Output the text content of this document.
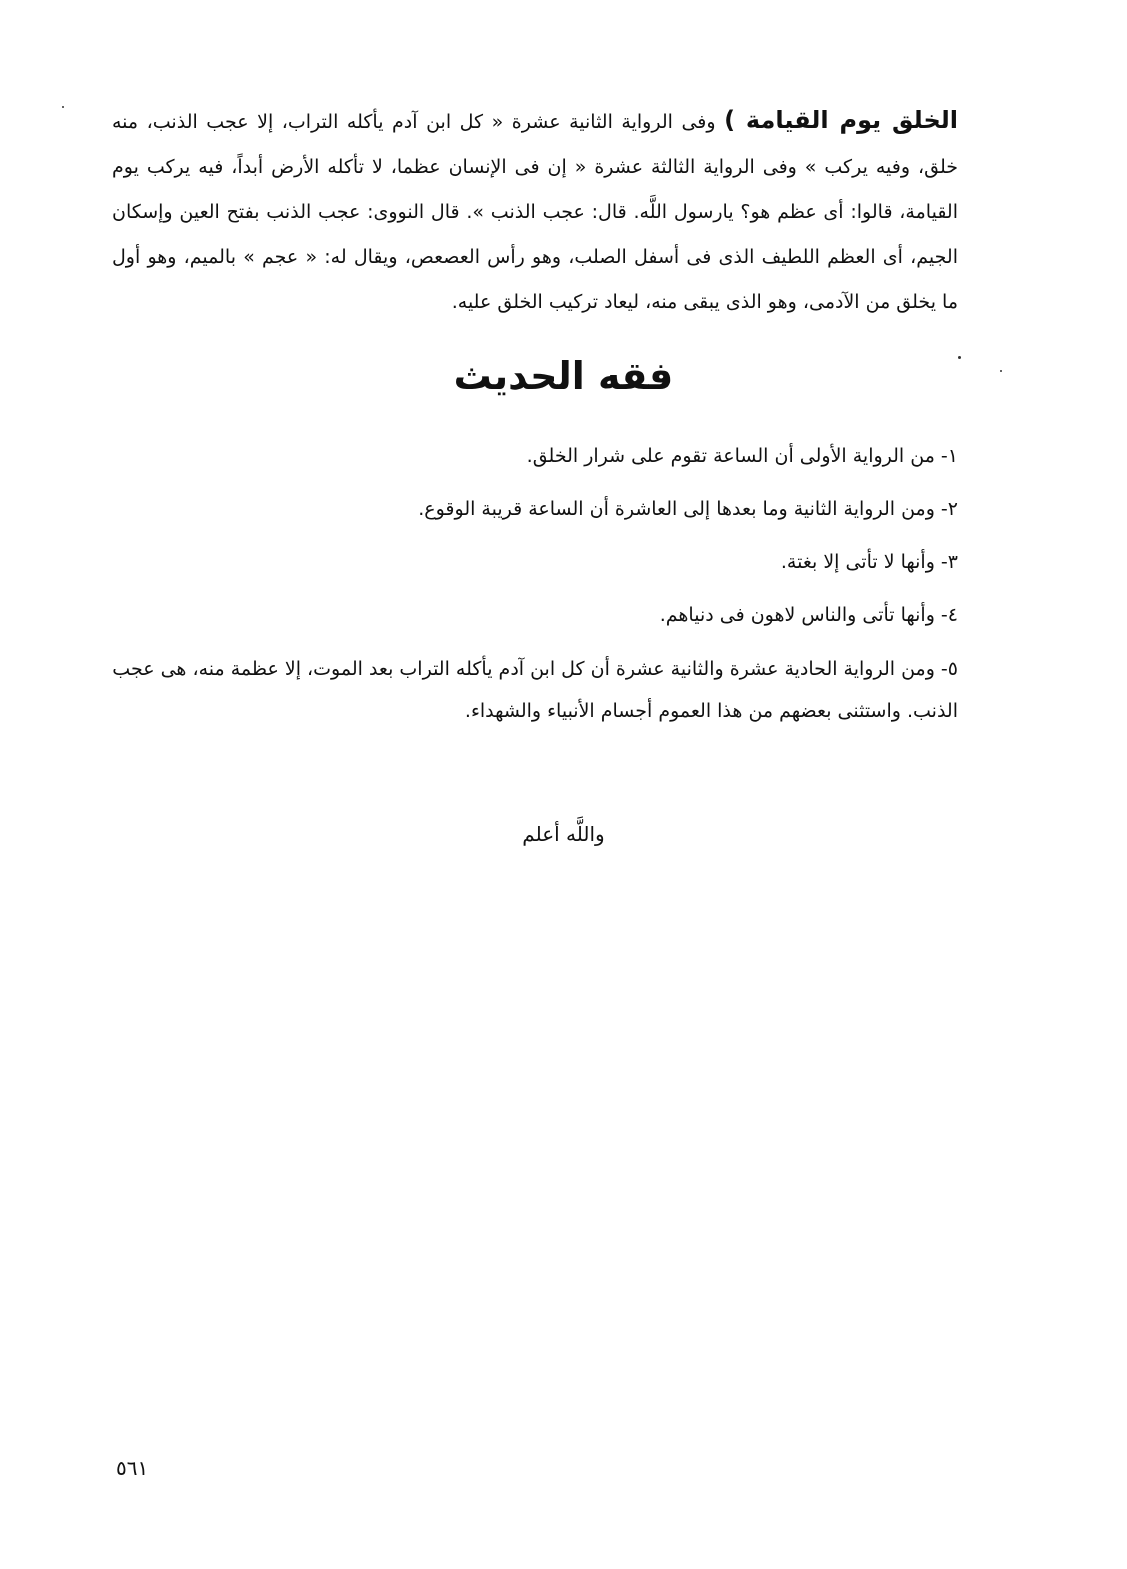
الخلق يوم القيامة ) وفى الرواية الثانية عشرة « كل ابن آدم يأكله التراب، إلا عجب الذنب، منه خلق، وفيه يركب » وفى الرواية الثالثة عشرة « إن فى الإنسان عظما، لا تأكله الأرض أبداً، فيه يركب يوم القيامة، قالوا: أى عظم هو؟ يارسول اللَّه. قال: عجب الذنب ». قال النووى: عجب الذنب بفتح العين وإسكان الجيم، أى العظم اللطيف الذى فى أسفل الصلب، وهو رأس العصعص، ويقال له: « عجم » بالميم، وهو أول ما يخلق من الآدمى، وهو الذى يبقى منه، ليعاد تركيب الخلق عليه.
فقه الحديث
١- من الرواية الأولى أن الساعة تقوم على شرار الخلق.
٢- ومن الرواية الثانية وما بعدها إلى العاشرة أن الساعة قريبة الوقوع.
٣- وأنها لا تأتى إلا بغتة.
٤- وأنها تأتى والناس لاهون فى دنياهم.
٥- ومن الرواية الحادية عشرة والثانية عشرة أن كل ابن آدم يأكله التراب بعد الموت، إلا عظمة منه، هى عجب الذنب. واستثنى بعضهم من هذا العموم أجسام الأنبياء والشهداء.
واللَّه أعلم
٥٦١
